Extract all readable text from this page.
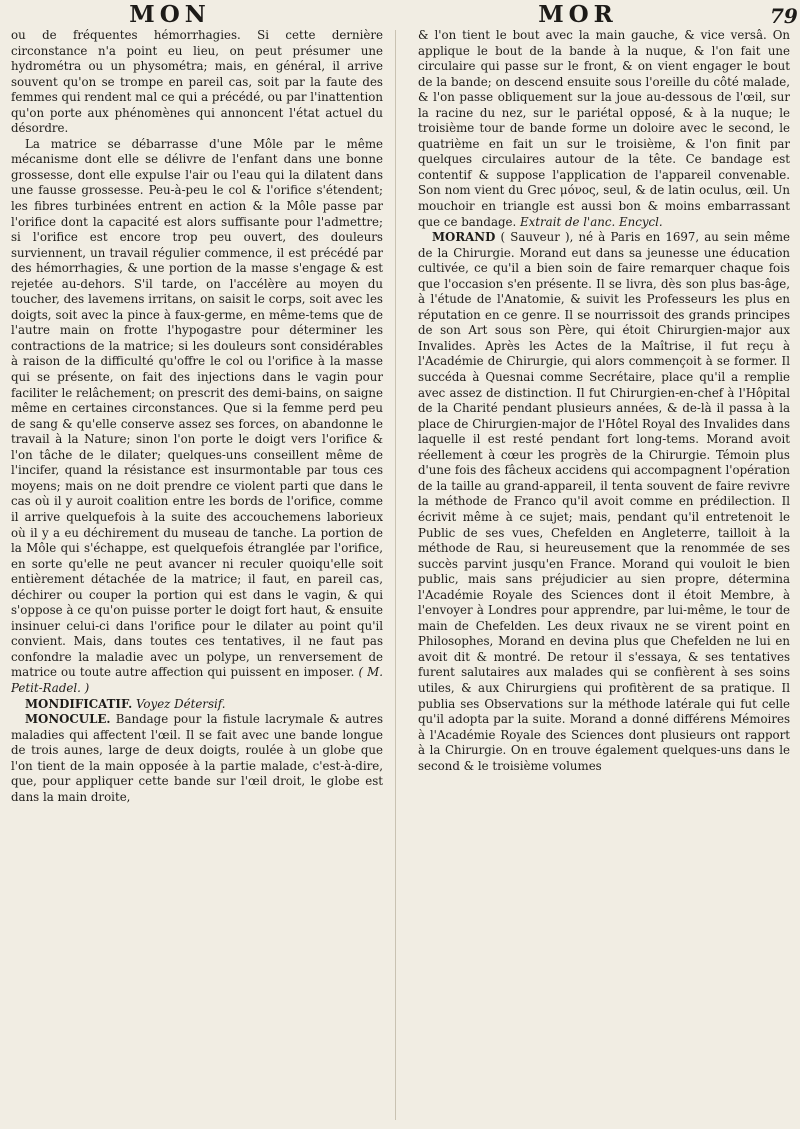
MON	MOR	79

ou de fréquentes hémorrhagies. Si cette dernière circonstance n'a point eu lieu, on peut présumer une hydrométra ou un physométra; mais, en général, il arrive souvent qu'on se trompe en pareil cas, soit par la faute des femmes qui rendent mal ce qui a précédé, ou par l'inattention qu'on porte aux phénomènes qui annoncent l'état actuel du désordre.

La matrice se débarrasse d'une Môle par le même mécanisme dont elle se délivre de l'enfant dans une bonne grossesse, dont elle expulse l'air ou l'eau qui la dilatent dans une fausse grossesse. Peu-à-peu le col & l'orifice s'étendent; les fibres turbinées entrent en action & la Môle passe par l'orifice dont la capacité est alors suffisante pour l'admettre; si l'orifice est encore trop peu ouvert, des douleurs surviennent, un travail régulier commence, il est précédé par des hémorrhagies, & une portion de la masse s'engage & est rejetée au-dehors. S'il tarde, on l'accélère au moyen du toucher, des lavemens irritans, on saisit le corps, soit avec les doigts, soit avec la pince à faux-germe, en même-tems que de l'autre main on frotte l'hypogastre pour déterminer les contractions de la matrice; si les douleurs sont considérables à raison de la difficulté qu'offre le col ou l'orifice à la masse qui se présente, on fait des injections dans le vagin pour faciliter le relâchement; on prescrit des demi-bains, on saigne même en certaines circonstances. Que si la femme perd peu de sang & qu'elle conserve assez ses forces, on abandonne le travail à la Nature; sinon l'on porte le doigt vers l'orifice & l'on tâche de le dilater; quelques-uns conseillent même de l'incifer, quand la résistance est insurmontable par tous ces moyens; mais on ne doit prendre ce violent parti que dans le cas où il y auroit coalition entre les bords de l'orifice, comme il arrive quelquefois à la suite des accouchemens laborieux où il y a eu déchirement du museau de tanche. La portion de la Môle qui s'échappe, est quelquefois étranglée par l'orifice, en sorte qu'elle ne peut avancer ni reculer quoiqu'elle soit entièrement détachée de la matrice; il faut, en pareil cas, déchirer ou couper la portion qui est dans le vagin, & qui s'oppose à ce qu'on puisse porter le doigt fort haut, & ensuite insinuer celui-ci dans l'orifice pour le dilater au point qu'il convient. Mais, dans toutes ces tentatives, il ne faut pas confondre la maladie avec un polype, un renversement de matrice ou toute autre affection qui puissent en imposer. ( M. Petit-Radel. )

MONDIFICATIF. Voyez Détersif.

MONOCULE. Bandage pour la fistule lacrymale & autres maladies qui affectent l'œil. Il se fait avec une bande longue de trois aunes, large de deux doigts, roulée à un globe que l'on tient de la main opposée à la partie malade, c'est-à-dire, que, pour appliquer cette bande sur l'œil droit, le globe est dans la main droite,

& l'on tient le bout avec la main gauche, & vice versâ. On applique le bout de la bande à la nuque, & l'on fait une circulaire qui passe sur le front, & on vient engager le bout de la bande; on descend ensuite sous l'oreille du côté malade, & l'on passe obliquement sur la joue au-dessous de l'œil, sur la racine du nez, sur le pariétal opposé, & à la nuque; le troisième tour de bande forme un doloire avec le second, le quatrième en fait un sur le troisième, & l'on finit par quelques circulaires autour de la tête. Ce bandage est contentif & suppose l'application de l'appareil convenable. Son nom vient du Grec μόνος, seul, & de latin oculus, œil. Un mouchoir en triangle est aussi bon & moins embarrassant que ce bandage. Extrait de l'anc. Encycl.

MORAND ( Sauveur ), né à Paris en 1697, au sein même de la Chirurgie. Morand eut dans sa jeunesse une éducation cultivée, ce qu'il a bien soin de faire remarquer chaque fois que l'occasion s'en présente. Il se livra, dès son plus bas-âge, à l'étude de l'Anatomie, & suivit les Professeurs les plus en réputation en ce genre. Il se nourrissoit des grands principes de son Art sous son Père, qui étoit Chirurgien-major aux Invalides. Après les Actes de la Maîtrise, il fut reçu à l'Académie de Chirurgie, qui alors commençoit à se former. Il succéda à Quesnai comme Secrétaire, place qu'il a remplie avec assez de distinction. Il fut Chirurgien-en-chef à l'Hôpital de la Charité pendant plusieurs années, & de-là il passa à la place de Chirurgien-major de l'Hôtel Royal des Invalides dans laquelle il est resté pendant fort long-tems. Morand avoit réellement à cœur les progrès de la Chirurgie. Témoin plus d'une fois des fâcheux accidens qui accompagnent l'opération de la taille au grand-appareil, il tenta souvent de faire revivre la méthode de Franco qu'il avoit comme en prédilection. Il écrivit même à ce sujet; mais, pendant qu'il entretenoit le Public de ses vues, Chefelden en Angleterre, tailloit à la méthode de Rau, si heureusement que la renommée de ses succès parvint jusqu'en France. Morand qui vouloit le bien public, mais sans préjudicier au sien propre, détermina l'Académie Royale des Sciences dont il étoit Membre, à l'envoyer à Londres pour apprendre, par lui-même, le tour de main de Chefelden. Les deux rivaux ne se virent point en Philosophes, Morand en devina plus que Chefelden ne lui en avoit dit & montré. De retour il s'essaya, & ses tentatives furent salutaires aux malades qui se confièrent à ses soins utiles, & aux Chirurgiens qui profitèrent de sa pratique. Il publia ses Observations sur la méthode latérale qui fut celle qu'il adopta par la suite. Morand a donné différens Mémoires à l'Académie Royale des Sciences dont plusieurs ont rapport à la Chirurgie. On en trouve également quelques-uns dans le second & le troisième volumes
